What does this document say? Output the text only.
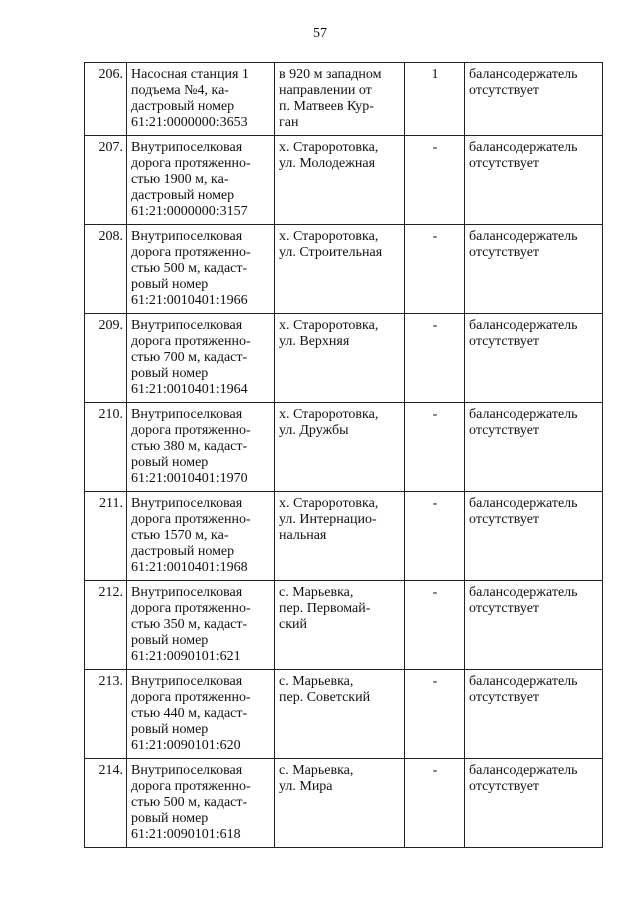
57
206.	Насосная станция 1
подъема №4, ка-
дастровый номер
61:21:0000000:3653	в 920 м западном
направлении от
п. Матвеев Кур-
ган	1	балансодержатель
отсутствует
207.	Внутрипоселковая
дорога протяженно-
стью 1900 м, ка-
дастровый номер
61:21:0000000:3157	х. Староротовка,
ул. Молодежная	-	балансодержатель
отсутствует
208.	Внутрипоселковая
дорога протяженно-
стью 500 м, кадаст-
ровый номер
61:21:0010401:1966	х. Староротовка,
ул. Строительная	-	балансодержатель
отсутствует
209.	Внутрипоселковая
дорога протяженно-
стью 700 м, кадаст-
ровый номер
61:21:0010401:1964	х. Староротовка,
ул. Верхняя	-	балансодержатель
отсутствует
210.	Внутрипоселковая
дорога протяженно-
стью 380 м, кадаст-
ровый номер
61:21:0010401:1970	х. Староротовка,
ул. Дружбы	-	балансодержатель
отсутствует
211.	Внутрипоселковая
дорога протяженно-
стью 1570 м, ка-
дастровый номер
61:21:0010401:1968	х. Староротовка,
ул. Интернацио-
нальная	-	балансодержатель
отсутствует
212.	Внутрипоселковая
дорога протяженно-
стью 350 м, кадаст-
ровый номер
61:21:0090101:621	с. Марьевка,
пер. Первомай-
ский	-	балансодержатель
отсутствует
213.	Внутрипоселковая
дорога протяженно-
стью 440 м, кадаст-
ровый номер
61:21:0090101:620	с. Марьевка,
пер. Советский	-	балансодержатель
отсутствует
214.	Внутрипоселковая
дорога протяженно-
стью 500 м, кадаст-
ровый номер
61:21:0090101:618	с. Марьевка,
ул. Мира	-	балансодержатель
отсутствует
